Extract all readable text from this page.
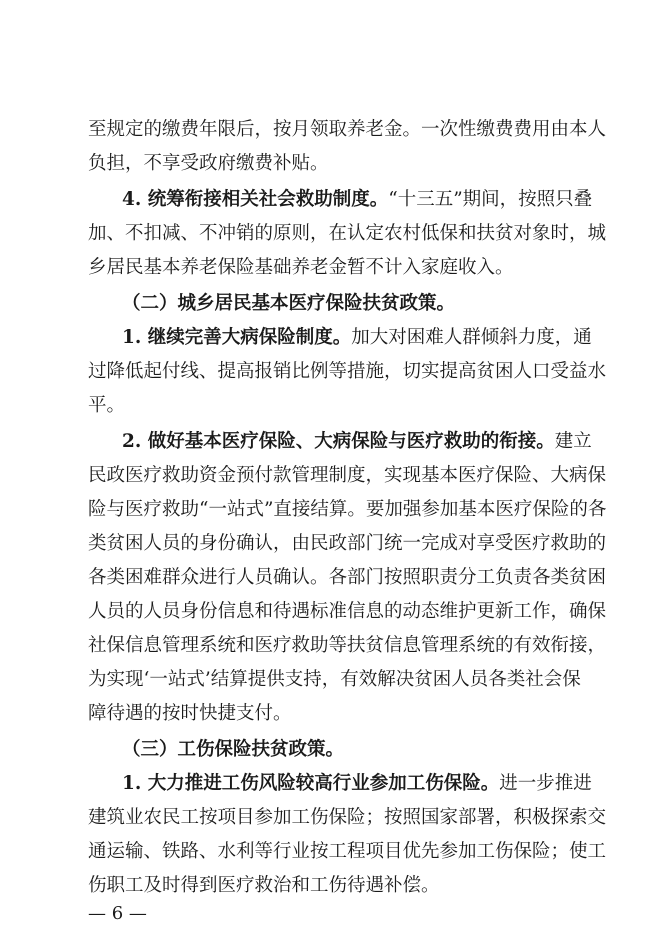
至规定的缴费年限后，按月领取养老金。一次性缴费费用由本人
负担，不享受政府缴费补贴。
4. 统筹衔接相关社会救助制度。“十三五”期间，按照只叠
加、不扣减、不冲销的原则，在认定农村低保和扶贫对象时，城
乡居民基本养老保险基础养老金暂不计入家庭收入。
（二）城乡居民基本医疗保险扶贫政策。
1. 继续完善大病保险制度。加大对困难人群倾斜力度，通
过降低起付线、提高报销比例等措施，切实提高贫困人口受益水
平。
2. 做好基本医疗保险、大病保险与医疗救助的衔接。建立
民政医疗救助资金预付款管理制度，实现基本医疗保险、大病保
险与医疗救助“一站式”直接结算。要加强参加基本医疗保险的各
类贫困人员的身份确认，由民政部门统一完成对享受医疗救助的
各类困难群众进行人员确认。各部门按照职责分工负责各类贫困
人员的人员身份信息和待遇标准信息的动态维护更新工作，确保
社保信息管理系统和医疗救助等扶贫信息管理系统的有效衔接，
为实现‘一站式’结算提供支持，有效解决贫困人员各类社会保
障待遇的按时快捷支付。
（三）工伤保险扶贫政策。
1. 大力推进工伤风险较高行业参加工伤保险。进一步推进
建筑业农民工按项目参加工伤保险；按照国家部署，积极探索交
通运输、铁路、水利等行业按工程项目优先参加工伤保险；使工
伤职工及时得到医疗救治和工伤待遇补偿。
— 6 —
